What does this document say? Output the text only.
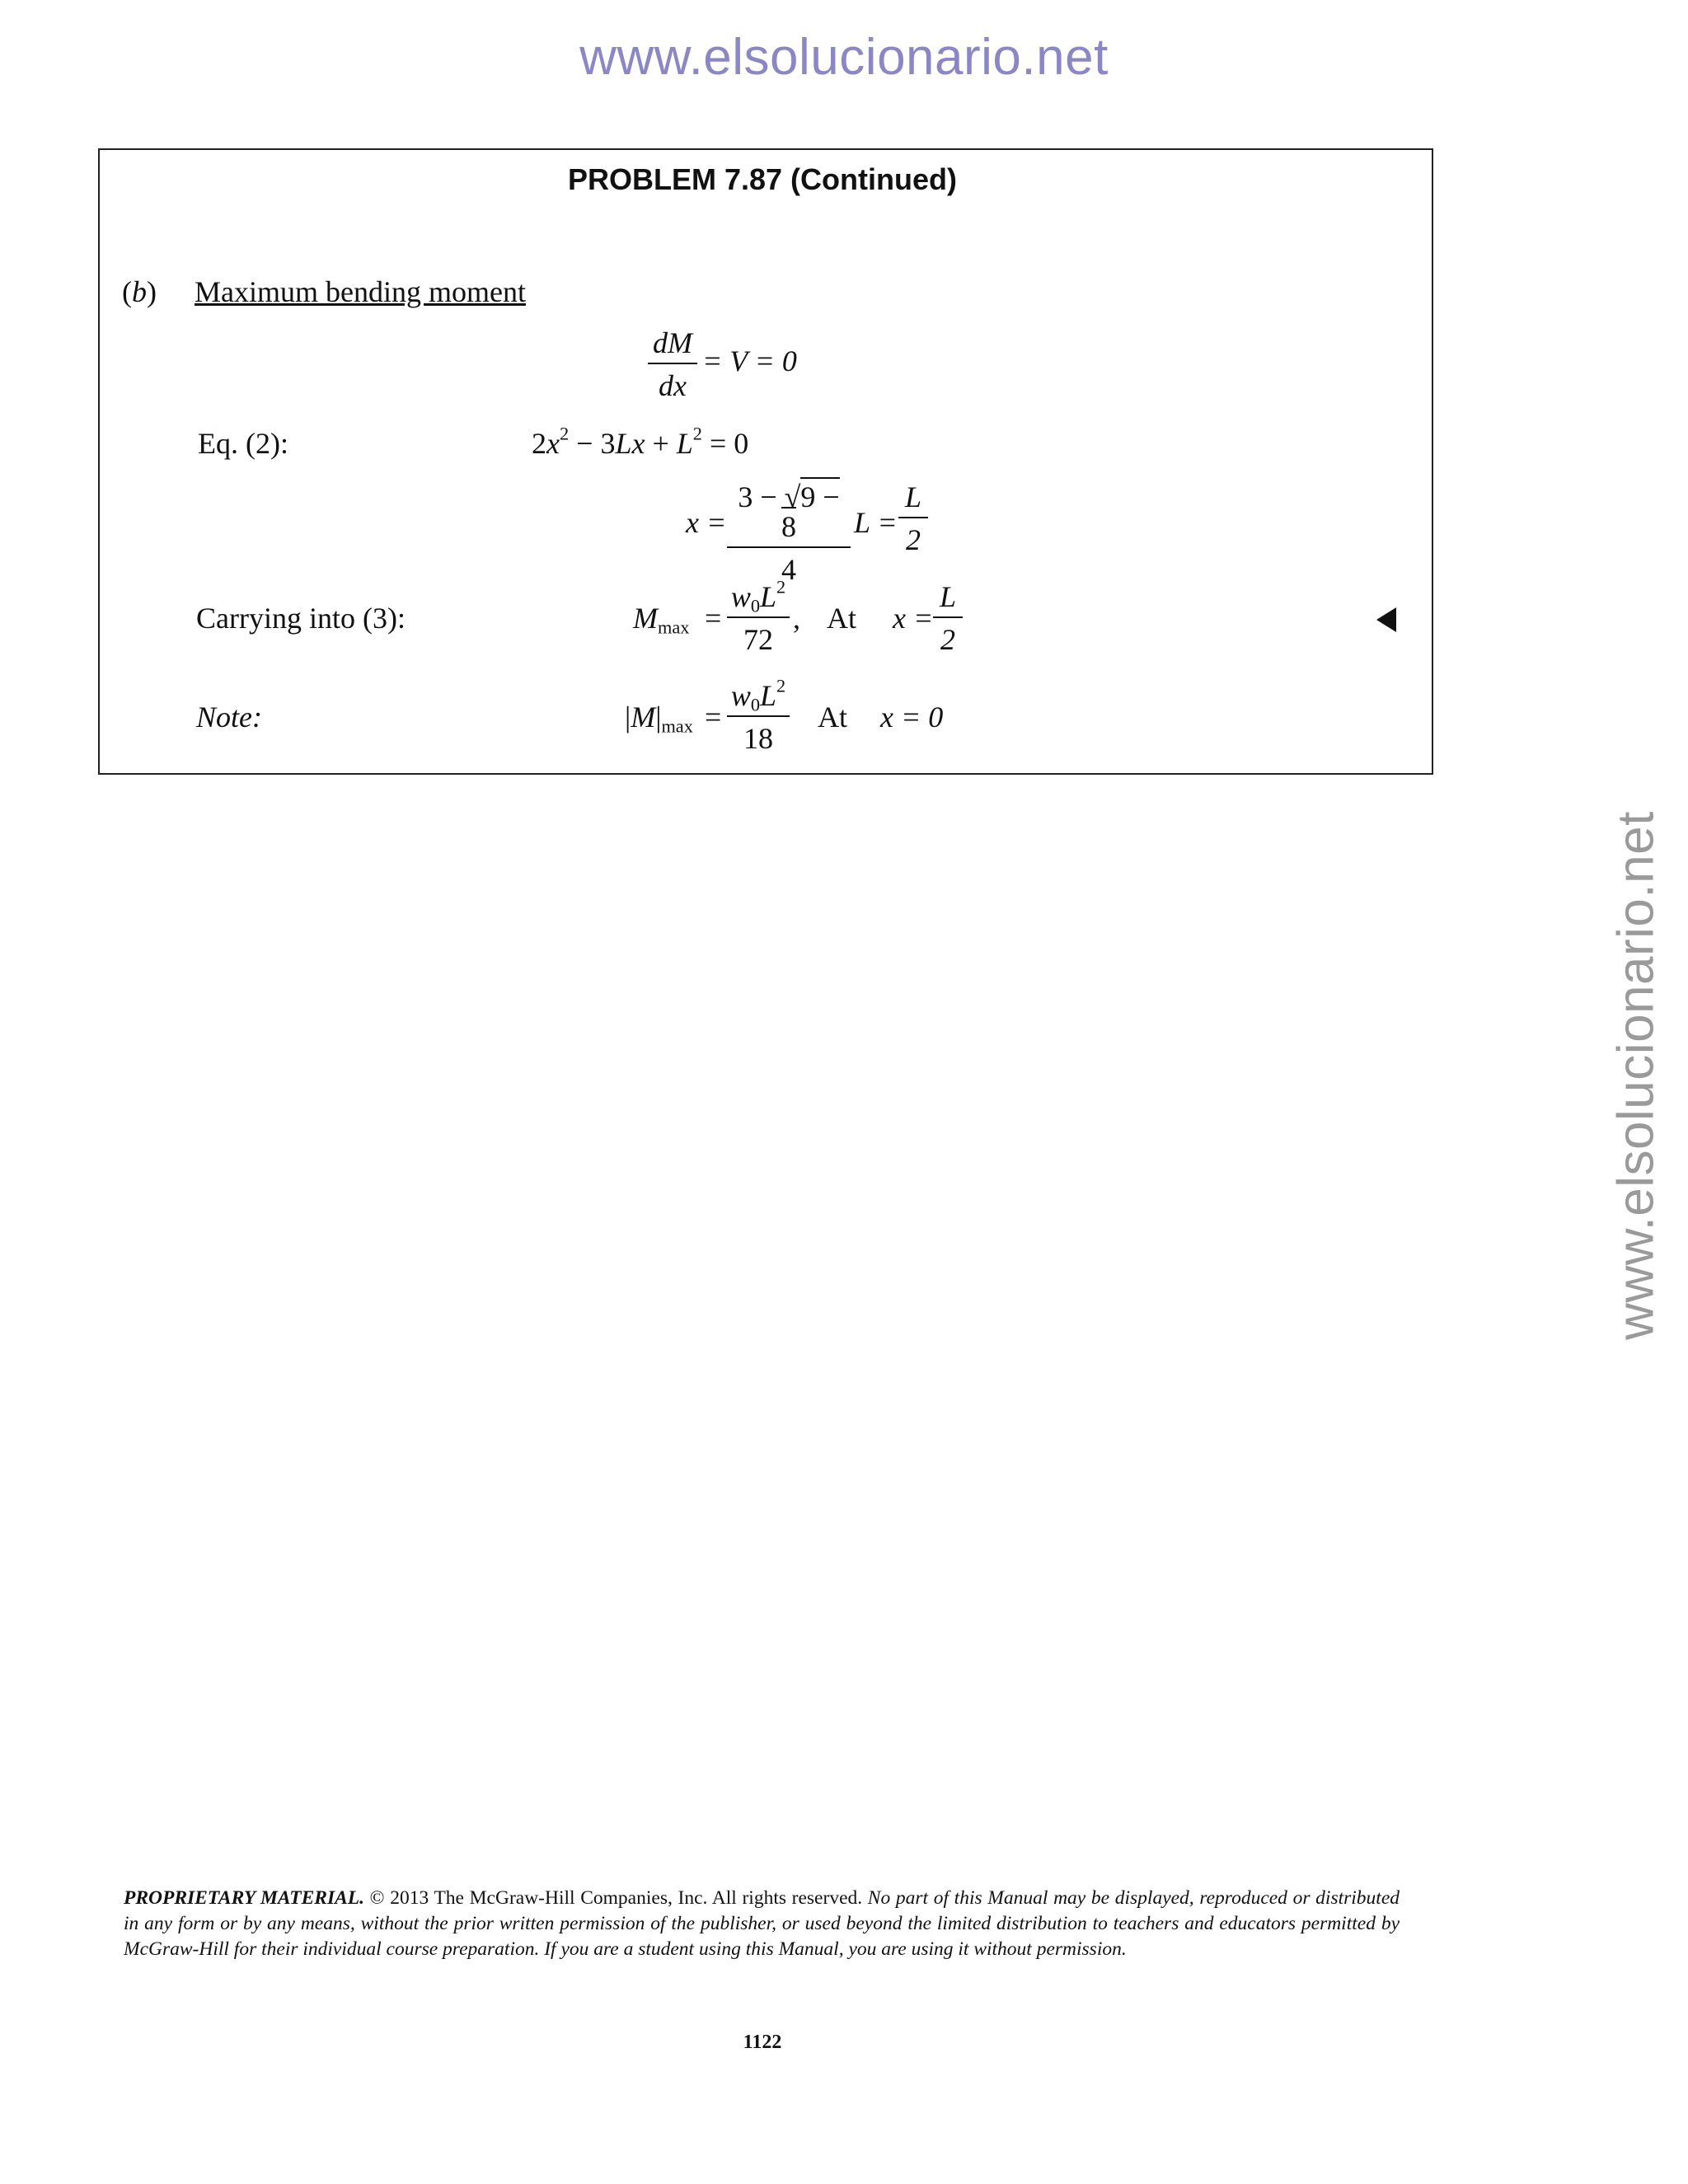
www.elsolucionario.net
www.elsolucionario.net
PROBLEM 7.87 (Continued)
(b) Maximum bending moment
$\frac{dM}{dx} = V = 0$
Eq. (2):	$2x^2 - 3Lx + L^2 = 0$
$x = \frac{3 - √9 - 8}{4}$ $L = \frac{L}{2}$
Carrying into (3):	$M_{max} = \frac{w_0L^2}{72}$ , At $x = \frac{L}{2}$
Note:	$|M|_{max} = \frac{w_0L^2}{18}$ At x = 0
PROPRIETARY MATERIAL. © 2013 The McGraw-Hill Companies, Inc. All rights reserved. No part of this Manual may be displayed, reproduced or distributed in any form or by any means, without the prior written permission of the publisher, or used beyond the limited distribution to teachers and educators permitted by McGraw-Hill for their individual course preparation. If you are a student using this Manual, you are using it without permission.
1122
